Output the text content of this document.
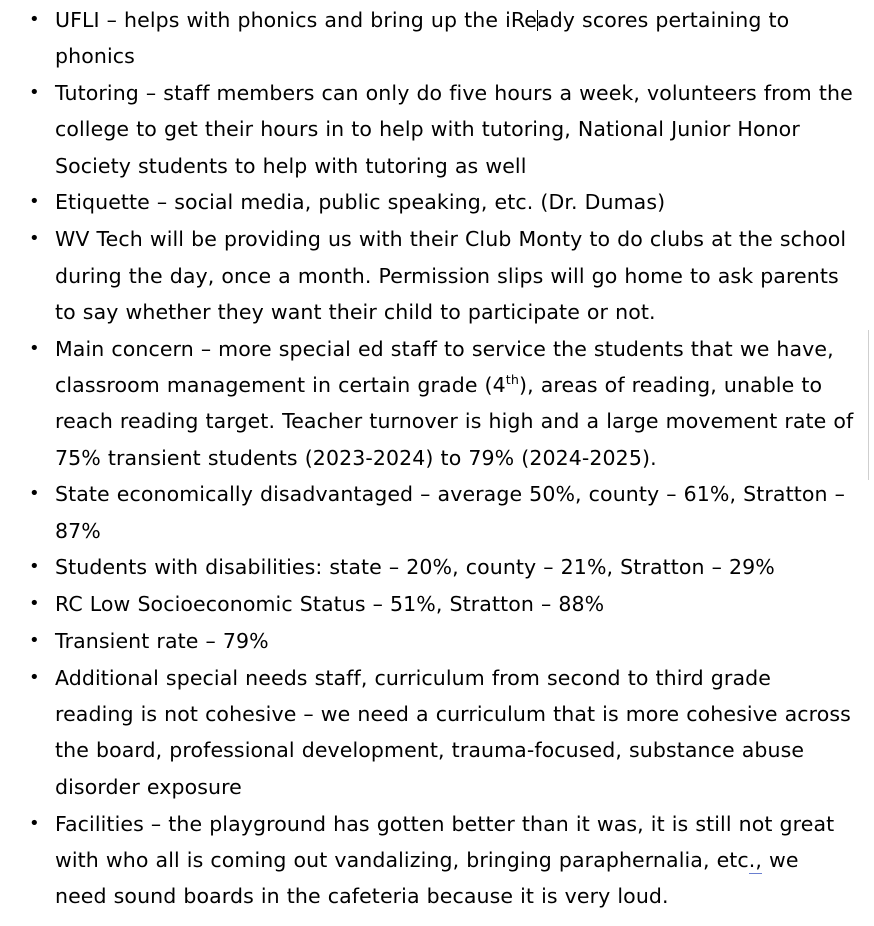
• UFLI – helps with phonics and bring up the iReady scores pertaining to phonics
• Tutoring – staff members can only do five hours a week, volunteers from the college to get their hours in to help with tutoring, National Junior Honor Society students to help with tutoring as well
• Etiquette – social media, public speaking, etc. (Dr. Dumas)
• WV Tech will be providing us with their Club Monty to do clubs at the school during the day, once a month. Permission slips will go home to ask parents to say whether they want their child to participate or not.
• Main concern – more special ed staff to service the students that we have, classroom management in certain grade (4th), areas of reading, unable to reach reading target. Teacher turnover is high and a large movement rate of 75% transient students (2023-2024) to 79% (2024-2025).
• State economically disadvantaged – average 50%, county – 61%, Stratton – 87%
• Students with disabilities: state – 20%, county – 21%, Stratton – 29%
• RC Low Socioeconomic Status – 51%, Stratton – 88%
• Transient rate – 79%
• Additional special needs staff, curriculum from second to third grade reading is not cohesive – we need a curriculum that is more cohesive across the board, professional development, trauma-focused, substance abuse disorder exposure
• Facilities – the playground has gotten better than it was, it is still not great with who all is coming out vandalizing, bringing paraphernalia, etc., we need sound boards in the cafeteria because it is very loud.
